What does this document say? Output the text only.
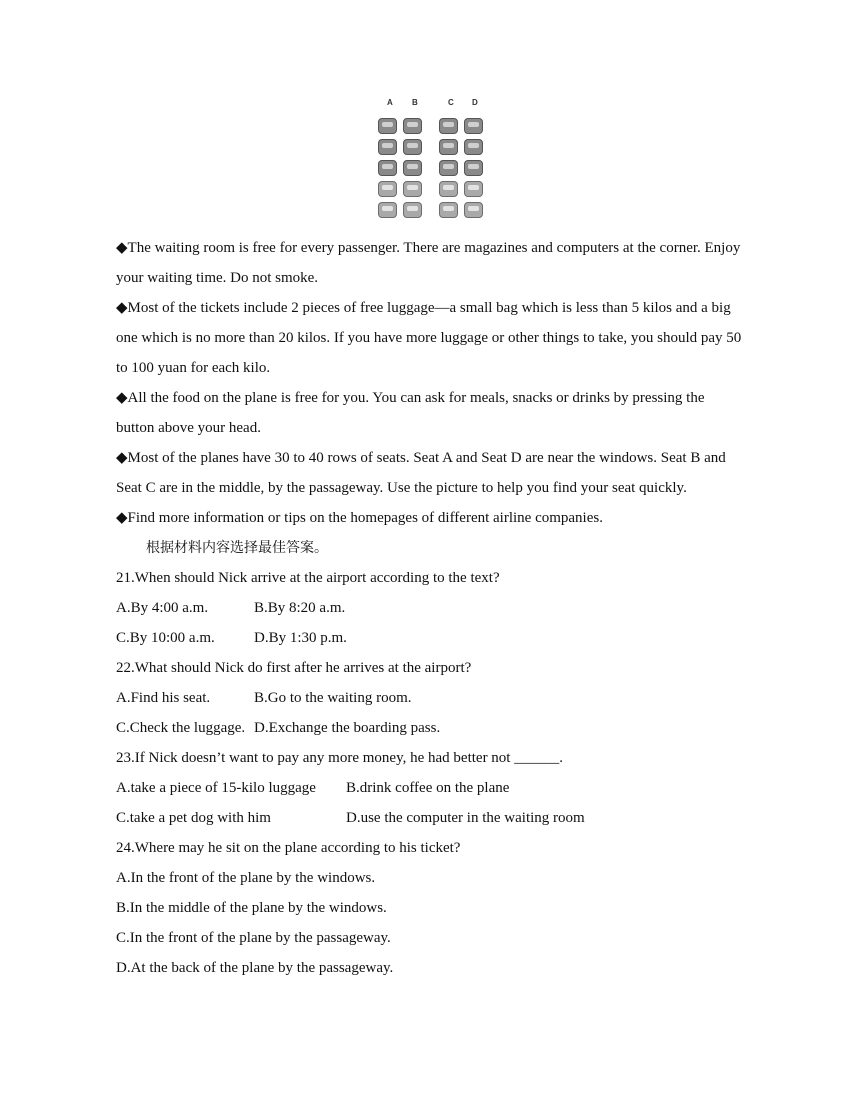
A B	C D
◆The waiting room is free for every passenger. There are magazines and computers at the corner. Enjoy your waiting time. Do not smoke.
◆Most of the tickets include 2 pieces of free luggage—a small bag which is less than 5 kilos and a big one which is no more than 20 kilos. If you have more luggage or other things to take, you should pay 50 to 100 yuan for each kilo.
◆All the food on the plane is free for you. You can ask for meals, snacks or drinks by pressing the button above your head.
◆Most of the planes have 30 to 40 rows of seats. Seat A and Seat D are near the windows. Seat B and Seat C are in the middle, by the passageway. Use the picture to help you find your seat quickly.
◆Find more information or tips on the homepages of different airline companies.
根据材料内容选择最佳答案。
21.When should Nick arrive at the airport according to the text?
A.By 4:00 a.m.	B.By 8:20 a.m.
C.By 10:00 a.m.	D.By 1:30 p.m.
22.What should Nick do first after he arrives at the airport?
A.Find his seat.	B.Go to the waiting room.
C.Check the luggage. D.Exchange the boarding pass.
23.If Nick doesn’t want to pay any more money, he had better not ______.
A.take a piece of 15-kilo luggage B.drink coffee on the plane
C.take a pet dog with him	D.use the computer in the waiting room
24.Where may he sit on the plane according to his ticket?
A.In the front of the plane by the windows.
B.In the middle of the plane by the windows.
C.In the front of the plane by the passageway.
D.At the back of the plane by the passageway.
